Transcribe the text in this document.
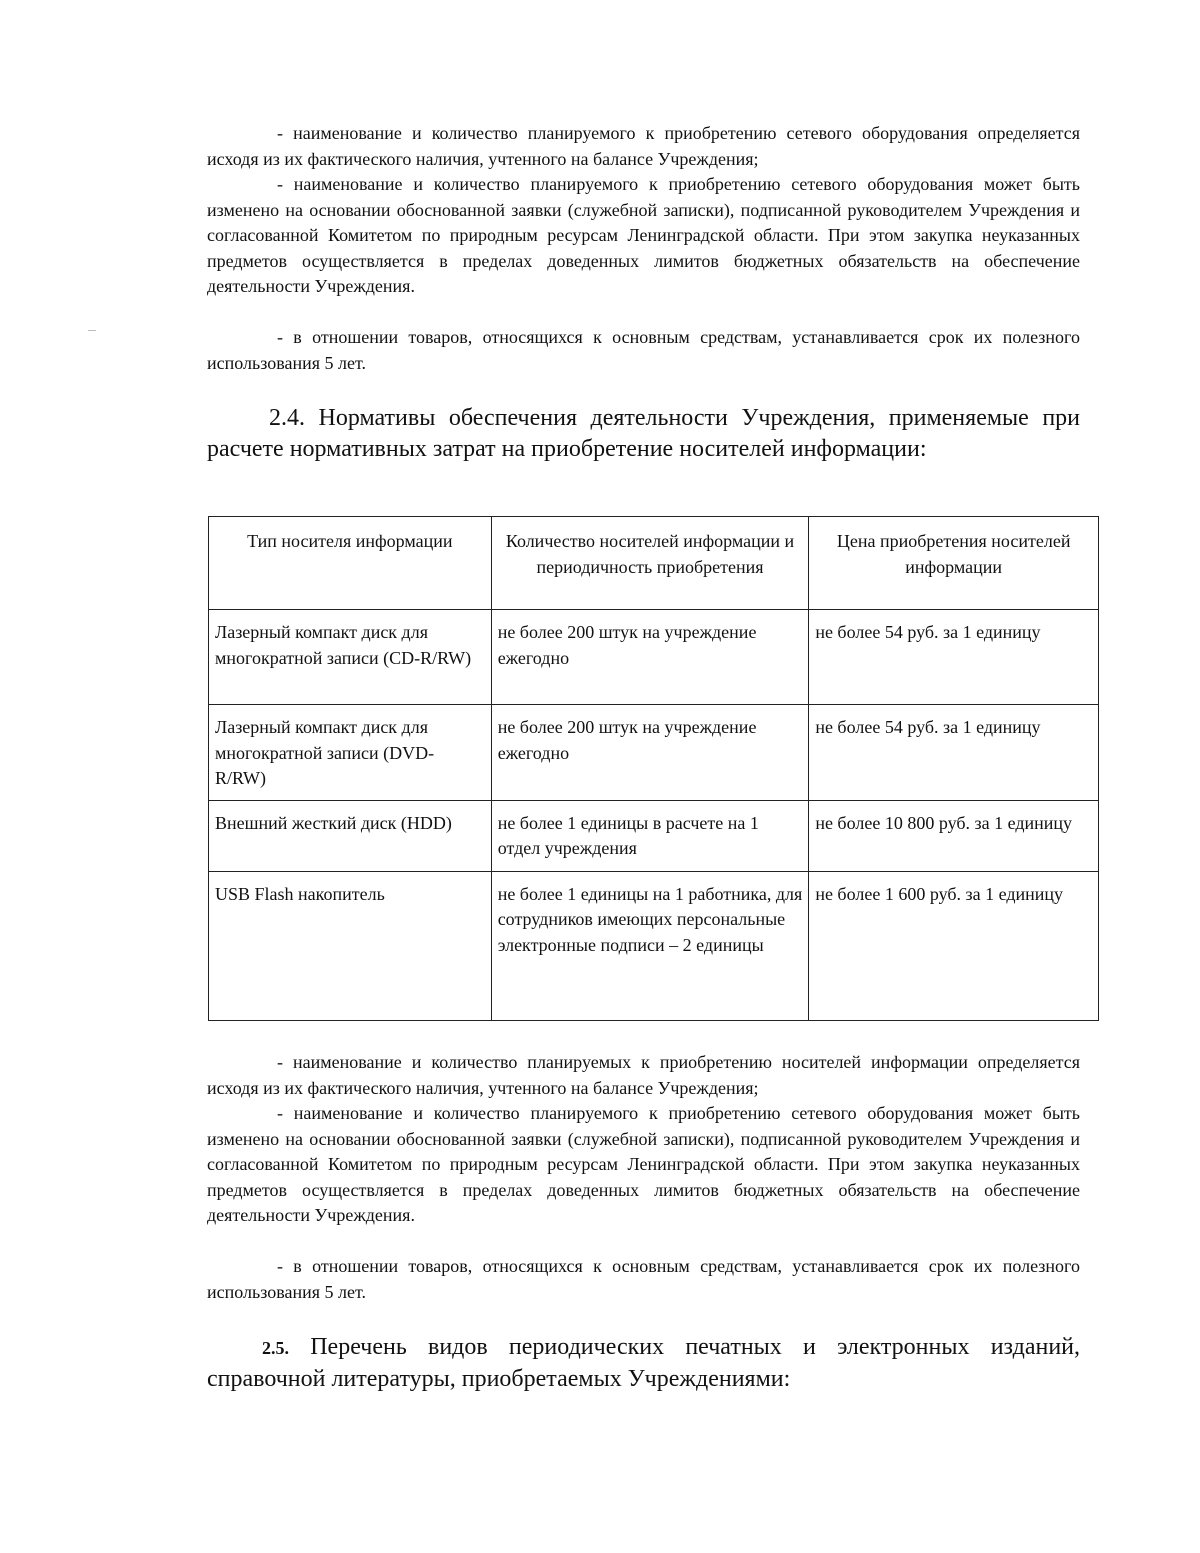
- наименование и количество планируемого к приобретению сетевого оборудования определяется исходя из их фактического наличия, учтенного на балансе Учреждения;

- наименование и количество планируемого к приобретению сетевого оборудования может быть изменено на основании обоснованной заявки (служебной записки), подписанной руководителем Учреждения и согласованной Комитетом по природным ресурсам Ленинградской области. При этом закупка неуказанных предметов осуществляется в пределах доведенных лимитов бюджетных обязательств на обеспечение деятельности Учреждения.

- в отношении товаров, относящихся к основным средствам, устанавливается срок их полезного использования 5 лет.

2.4. Нормативы обеспечения деятельности Учреждения, применяемые при расчете нормативных затрат на приобретение носителей информации:

Тип носителя информации	Количество носителей информации и периодичность приобретения	Цена приобретения носителей информации
Лазерный компакт диск для многократной записи (CD-R/RW)	не более 200 штук на учреждение ежегодно	не более 54 руб. за 1 единицу
Лазерный компакт диск для многократной записи (DVD-R/RW)	не более 200 штук на учреждение ежегодно	не более 54 руб. за 1 единицу
Внешний жесткий диск (HDD)	не более 1 единицы в расчете на 1 отдел учреждения	не более 10 800 руб. за 1 единицу
USB Flash накопитель	не более 1 единицы на 1 работника, для сотрудников имеющих персональные электронные подписи – 2 единицы	не более 1 600 руб. за 1 единицу

- наименование и количество планируемых к приобретению носителей информации определяется исходя из их фактического наличия, учтенного на балансе Учреждения;

- наименование и количество планируемого к приобретению сетевого оборудования может быть изменено на основании обоснованной заявки (служебной записки), подписанной руководителем Учреждения и согласованной Комитетом по природным ресурсам Ленинградской области. При этом закупка неуказанных предметов осуществляется в пределах доведенных лимитов бюджетных обязательств на обеспечение деятельности Учреждения.

- в отношении товаров, относящихся к основным средствам, устанавливается срок их полезного использования 5 лет.

2.5. Перечень видов периодических печатных и электронных изданий, справочной литературы, приобретаемых Учреждениями:
